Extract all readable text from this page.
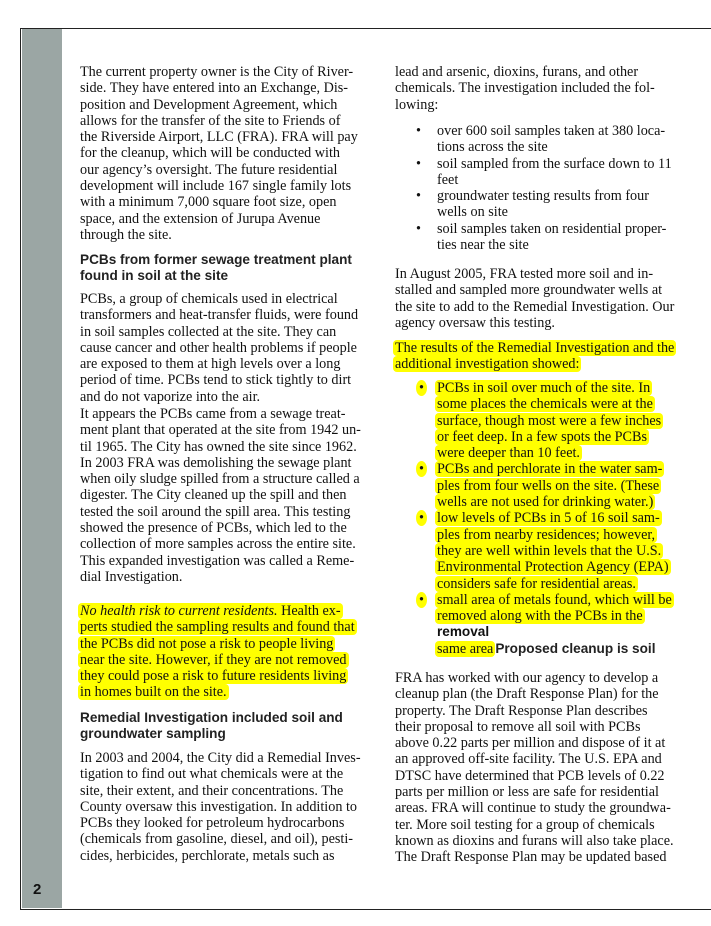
2
The current property owner is the City of River-
side. They have entered into an Exchange, Dis-
position and Development Agreement, which
allows for the transfer of the site to Friends of
the Riverside Airport, LLC (FRA). FRA will pay
for the cleanup, which will be conducted with
our agency’s oversight. The future residential
development will include 167 single family lots
with a minimum 7,000 square foot size, open
space, and the extension of Jurupa Avenue
through the site.
PCBs from former sewage treatment plant
found in soil at the site
PCBs, a group of chemicals used in electrical
transformers and heat-transfer fluids, were found
in soil samples collected at the site. They can
cause cancer and other health problems if people
are exposed to them at high levels over a long
period of time. PCBs tend to stick tightly to dirt
and do not vaporize into the air.
It appears the PCBs came from a sewage treat-
ment plant that operated at the site from 1942 un-
til 1965. The City has owned the site since 1962.
In 2003 FRA was demolishing the sewage plant
when oily sludge spilled from a structure called a
digester. The City cleaned up the spill and then
tested the soil around the spill area. This testing
showed the presence of PCBs, which led to the
collection of more samples across the entire site.
This expanded investigation was called a Reme-
dial Investigation.
No health risk to current residents. Health ex-
perts studied the sampling results and found that
the PCBs did not pose a risk to people living
near the site. However, if they are not removed
they could pose a risk to future residents living
in homes built on the site.
Remedial Investigation included soil and
groundwater sampling
In 2003 and 2004, the City did a Remedial Inves-
tigation to find out what chemicals were at the
site, their extent, and their concentrations. The
County oversaw this investigation. In addition to
PCBs they looked for petroleum hydrocarbons
(chemicals from gasoline, diesel, and oil), pesti-
cides, herbicides, perchlorate, metals such as
lead and arsenic, dioxins, furans, and other
chemicals. The investigation included the fol-
lowing:
• over 600 soil samples taken at 380 loca-
tions across the site
• soil sampled from the surface down to 11
feet
• groundwater testing results from four
wells on site
• soil samples taken on residential proper-
ties near the site
In August 2005, FRA tested more soil and in-
stalled and sampled more groundwater wells at
the site to add to the Remedial Investigation. Our
agency oversaw this testing.
The results of the Remedial Investigation and the
additional investigation showed:
• PCBs in soil over much of the site. In
some places the chemicals were at the
surface, though most were a few inches
or feet deep. In a few spots the PCBs
were deeper than 10 feet.
• PCBs and perchlorate in the water sam-
ples from four wells on the site. (These
wells are not used for drinking water.)
• low levels of PCBs in 5 of 16 soil sam-
ples from nearby residences; however,
they are well within levels that the U.S.
Environmental Protection Agency (EPA)
considers safe for residential areas.
• small area of metals found, which will be
removed along with the PCBs in the
removal
same area Proposed cleanup is soil
FRA has worked with our agency to develop a
cleanup plan (the Draft Response Plan) for the
property. The Draft Response Plan describes
their proposal to remove all soil with PCBs
above 0.22 parts per million and dispose of it at
an approved off-site facility. The U.S. EPA and
DTSC have determined that PCB levels of 0.22
parts per million or less are safe for residential
areas. FRA will continue to study the groundwa-
ter. More soil testing for a group of chemicals
known as dioxins and furans will also take place.
The Draft Response Plan may be updated based
